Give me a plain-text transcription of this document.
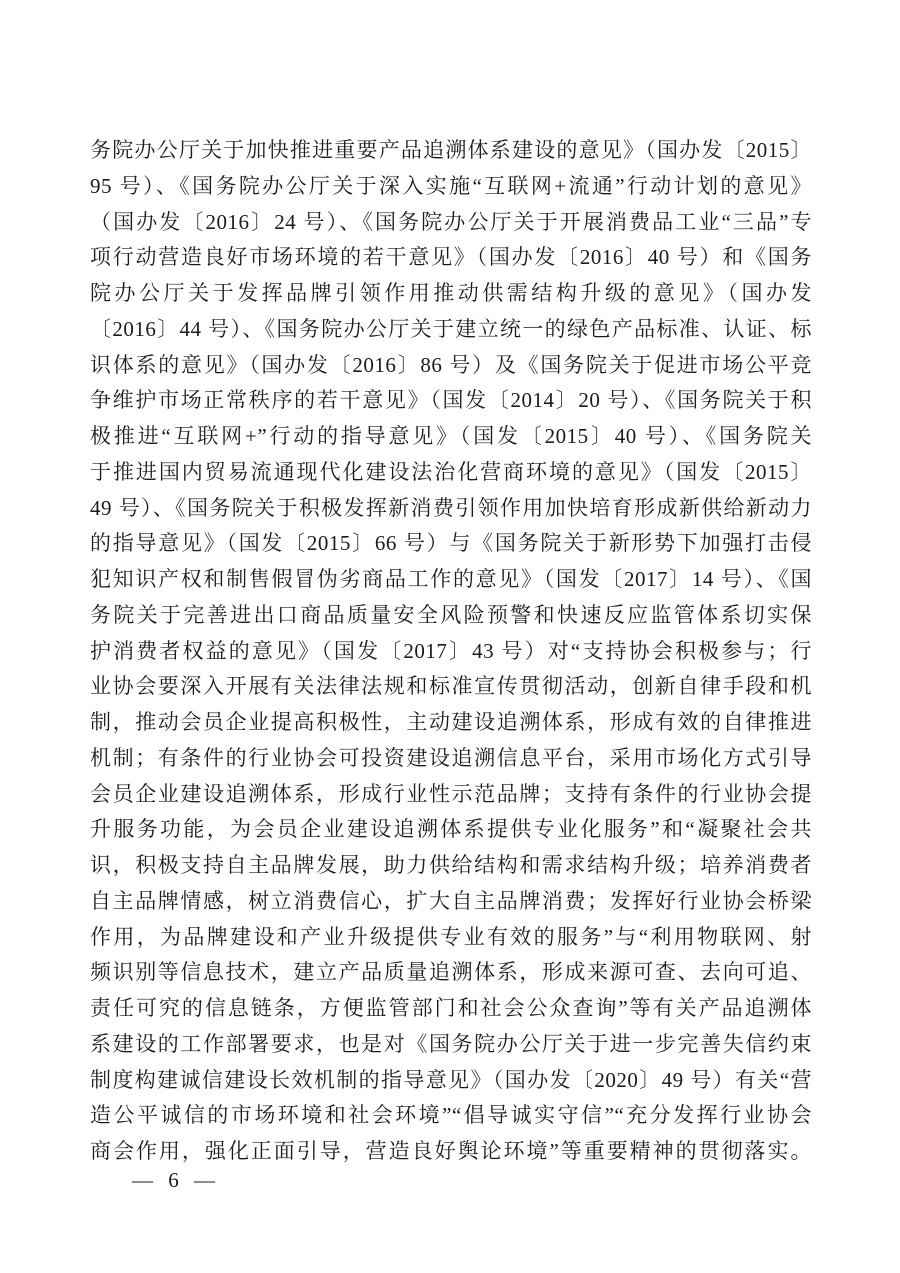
务院办公厅关于加快推进重要产品追溯体系建设的意见》（国办发〔2015〕
95 号）、《国务院办公厅关于深入实施“互联网+流通”行动计划的意见》
（国办发〔2016〕24 号）、《国务院办公厅关于开展消费品工业“三品”专
项行动营造良好市场环境的若干意见》（国办发〔2016〕40 号）和《国务
院办公厅关于发挥品牌引领作用推动供需结构升级的意见》（国办发
〔2016〕44 号）、《国务院办公厅关于建立统一的绿色产品标准、认证、标
识体系的意见》（国办发〔2016〕86 号）及《国务院关于促进市场公平竞
争维护市场正常秩序的若干意见》（国发〔2014〕20 号）、《国务院关于积
极推进“互联网+”行动的指导意见》（国发〔2015〕40 号）、《国务院关
于推进国内贸易流通现代化建设法治化营商环境的意见》（国发〔2015〕
49 号）、《国务院关于积极发挥新消费引领作用加快培育形成新供给新动力
的指导意见》（国发〔2015〕66 号）与《国务院关于新形势下加强打击侵
犯知识产权和制售假冒伪劣商品工作的意见》（国发〔2017〕14 号）、《国
务院关于完善进出口商品质量安全风险预警和快速反应监管体系切实保
护消费者权益的意见》（国发〔2017〕43 号）对“支持协会积极参与；行
业协会要深入开展有关法律法规和标准宣传贯彻活动，创新自律手段和机
制，推动会员企业提高积极性，主动建设追溯体系，形成有效的自律推进
机制；有条件的行业协会可投资建设追溯信息平台，采用市场化方式引导
会员企业建设追溯体系，形成行业性示范品牌；支持有条件的行业协会提
升服务功能，为会员企业建设追溯体系提供专业化服务”和“凝聚社会共
识，积极支持自主品牌发展，助力供给结构和需求结构升级；培养消费者
自主品牌情感，树立消费信心，扩大自主品牌消费；发挥好行业协会桥梁
作用，为品牌建设和产业升级提供专业有效的服务”与“利用物联网、射
频识别等信息技术，建立产品质量追溯体系，形成来源可查、去向可追、
责任可究的信息链条，方便监管部门和社会公众查询”等有关产品追溯体
系建设的工作部署要求，也是对《国务院办公厅关于进一步完善失信约束
制度构建诚信建设长效机制的指导意见》（国办发〔2020〕49 号）有关“营
造公平诚信的市场环境和社会环境”“倡导诚实守信”“充分发挥行业协会
商会作用，强化正面引导，营造良好舆论环境”等重要精神的贯彻落实。
— 6 —
